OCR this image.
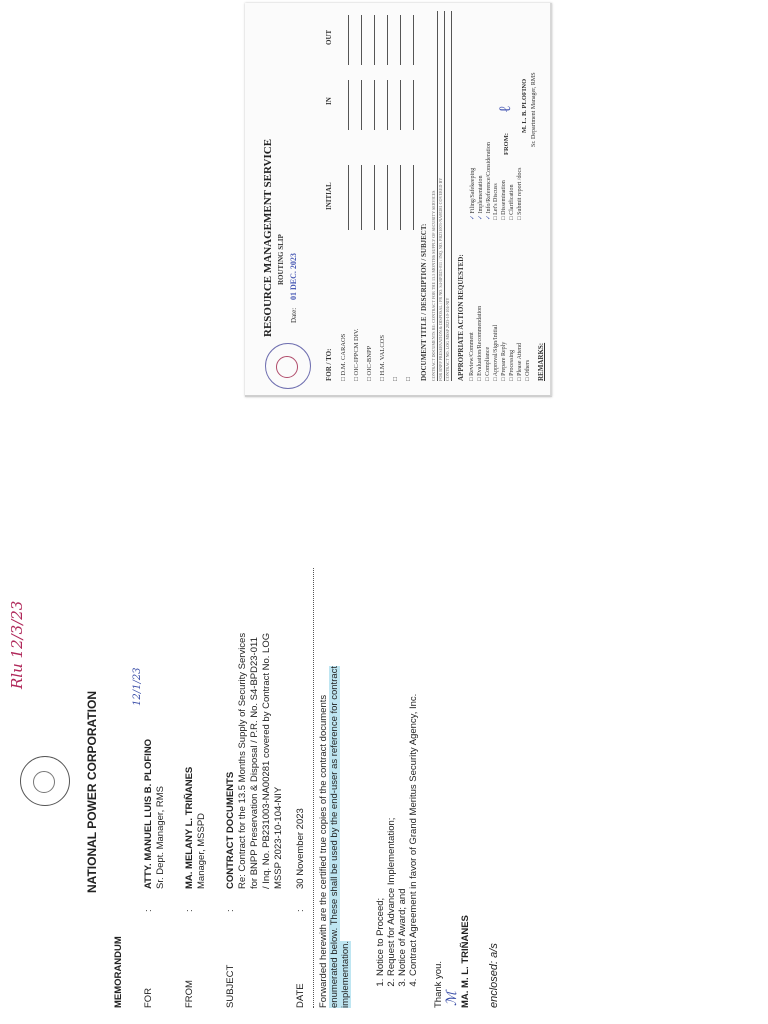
RESOURCE MANAGEMENT SERVICE ROUTING SLIP
Date:
01 DEC. 2023
FOR / TO:
INITIAL
IN
OUT
□ D.M. CARAOS
□ OIC-IPPCM DIV.
□ OIC-BNPP
□ H.M. VALCOS
□ □ DOCUMENT TITLE / DESCRIPTION / SUBJECT: CONTRACT DOCUMENTS RE: CONTRACT FOR THE 13.5 MONTHS SUPPLY OF SECURITY SERVICES FOR BNPP PRESERVATION & DISPOSAL / PR NO. S4-BPD23-011 / INQ. NO. PB231003-NA00281 COVERED BY CONTRACT NO. LOG MSSP 2023-10-104-NIY APPROPRIATE ACTION REQUESTED: □ Review/Comment
□ Evaluation/Recommendation
□ Compliance
□ Approval/Sign/Initial
□ Prepare Reply
□ Processing
□ Please Attend
□ Others
✓ Filing/Safekeeping
✓ Implementation
✓ Info/Reference/Consideration
□ Let's Discuss
□ Dissemination
□ Clarification
□ Submit report /docs
REMARKS:
FROM:
ℓ M. L. B. PLOFINO Sr. Department Manager, RMS
Rlu 12/3/23
NATIONAL POWER CORPORATION
MEMORANDUM FOR
:
ATTY. MANUEL LUIS B. PLOFINO Sr. Dept. Manager, RMS
12/1/23
FROM
:
MA. MELANY L. TRIÑANES Manager, MSSPD
SUBJECT
:
CONTRACT DOCUMENTS Re: Contract for the 13.5 Months Supply of Security Services for BNPP Preservation & Disposal / P.R. No. S4-BPD23-011 / Inq. No. PB231003-NA00281 covered by Contract No. LOG MSSP 2023-10-104-NIY
DATE
:
30 November 2023 Forwarded herewith are the certified true copies of the contract documents enumerated below. These shall be used by the end-user as reference for contract implementation.	1. Notice to Proceed; 2. Request for Advance Implementation; 3. Notice of Award; and 4. Contract Agreement in favor of Grand Meritus Security Agency, Inc.
Thank you. ℳ MA. M. L. TRIÑANES enclosed: a/s
